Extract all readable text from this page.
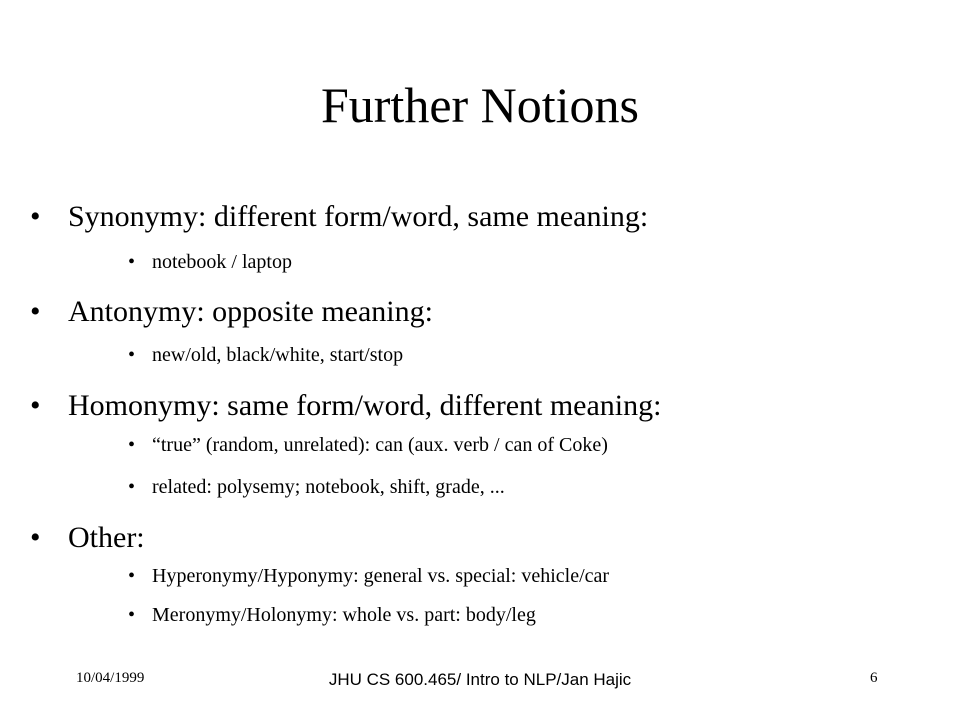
Further Notions
• Synonymy: different form/word, same meaning:
• notebook / laptop
• Antonymy: opposite meaning:
• new/old, black/white, start/stop
• Homonymy: same form/word, different meaning:
• “true” (random, unrelated): can (aux. verb / can of Coke)
• related: polysemy; notebook, shift, grade, ...
• Other:
• Hyperonymy/Hyponymy: general vs. special: vehicle/car
• Meronymy/Holonymy: whole vs. part: body/leg
10/04/1999	JHU CS 600.465/ Intro to NLP/Jan Hajic	6
